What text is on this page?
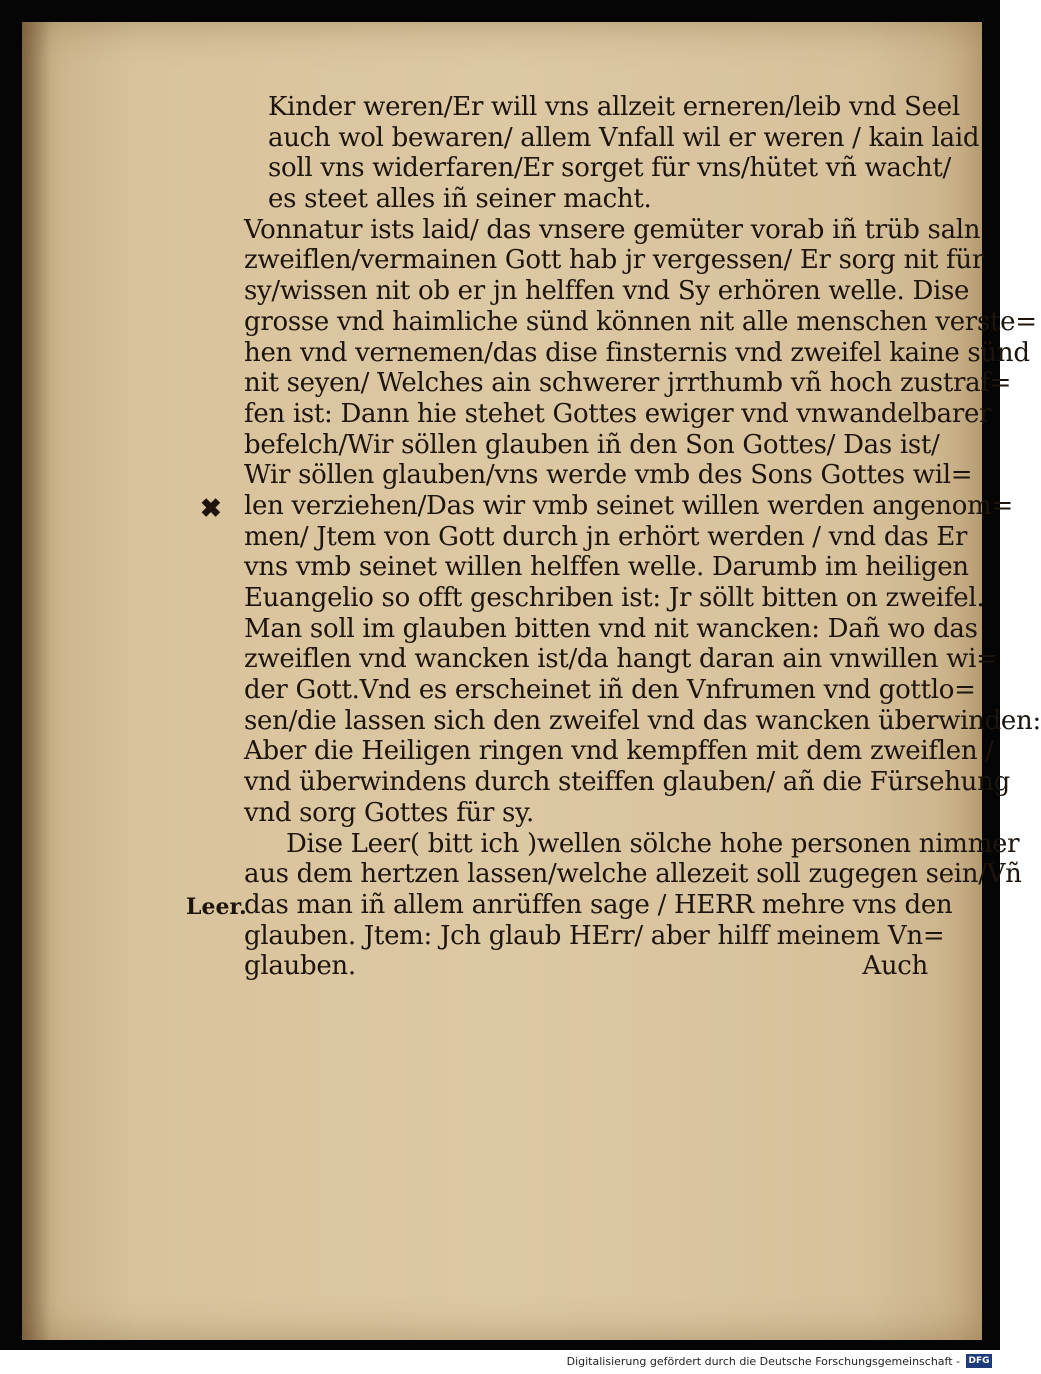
Kinder weren/Er will vns allzeit erneren/leib vnd Seel
auch wol bewaren/ allem Vnfall wil er weren / kain laid
soll vns widerfaren/Er sorget für vns/hütet vñ wacht/
es steet alles iñ seiner macht.
Vonnatur ists laid/ das vnsere gemüter vorab iñ trüb saln
zweiflen/vermainen Gott hab jr vergessen/ Er sorg nit für
sy/wissen nit ob er jn helffen vnd Sy erhören welle. Dise
grosse vnd haimliche sünd können nit alle menschen verste=
hen vnd vernemen/das dise finsternis vnd zweifel kaine sünd
nit seyen/ Welches ain schwerer jrrthumb vñ hoch zustraf=
fen ist: Dann hie stehet Gottes ewiger vnd vnwandelbarer
befelch/Wir söllen glauben iñ den Son Gottes/ Das ist/
Wir söllen glauben/vns werde vmb des Sons Gottes wil=
len verziehen/Das wir vmb seinet willen werden angenom=
men/ Jtem von Gott durch jn erhört werden / vnd das Er
vns vmb seinet willen helffen welle. Darumb im heiligen
Euangelio so offt geschriben ist: Jr söllt bitten on zweifel.
Man soll im glauben bitten vnd nit wancken: Dañ wo das
zweiflen vnd wancken ist/da hangt daran ain vnwillen wi=
der Gott.Vnd es erscheinet iñ den Vnfrumen vnd gottlo=
sen/die lassen sich den zweifel vnd das wancken überwinden:
Aber die Heiligen ringen vnd kempffen mit dem zweiflen /
vnd überwindens durch steiffen glauben/ añ die Fürsehung
vnd sorg Gottes für sy.
Dise Leer( bitt ich )wellen sölche hohe personen nimmer
aus dem hertzen lassen/welche allezeit soll zugegen sein/Vñ
das man iñ allem anrüffen sage / HERR mehre vns den
glauben. Jtem: Jch glaub HErr/ aber hilff meinem Vn=
glauben.	Auch
✖
Leer.
Digitalisierung gefördert durch die Deutsche Forschungsgemeinschaft - DFG
